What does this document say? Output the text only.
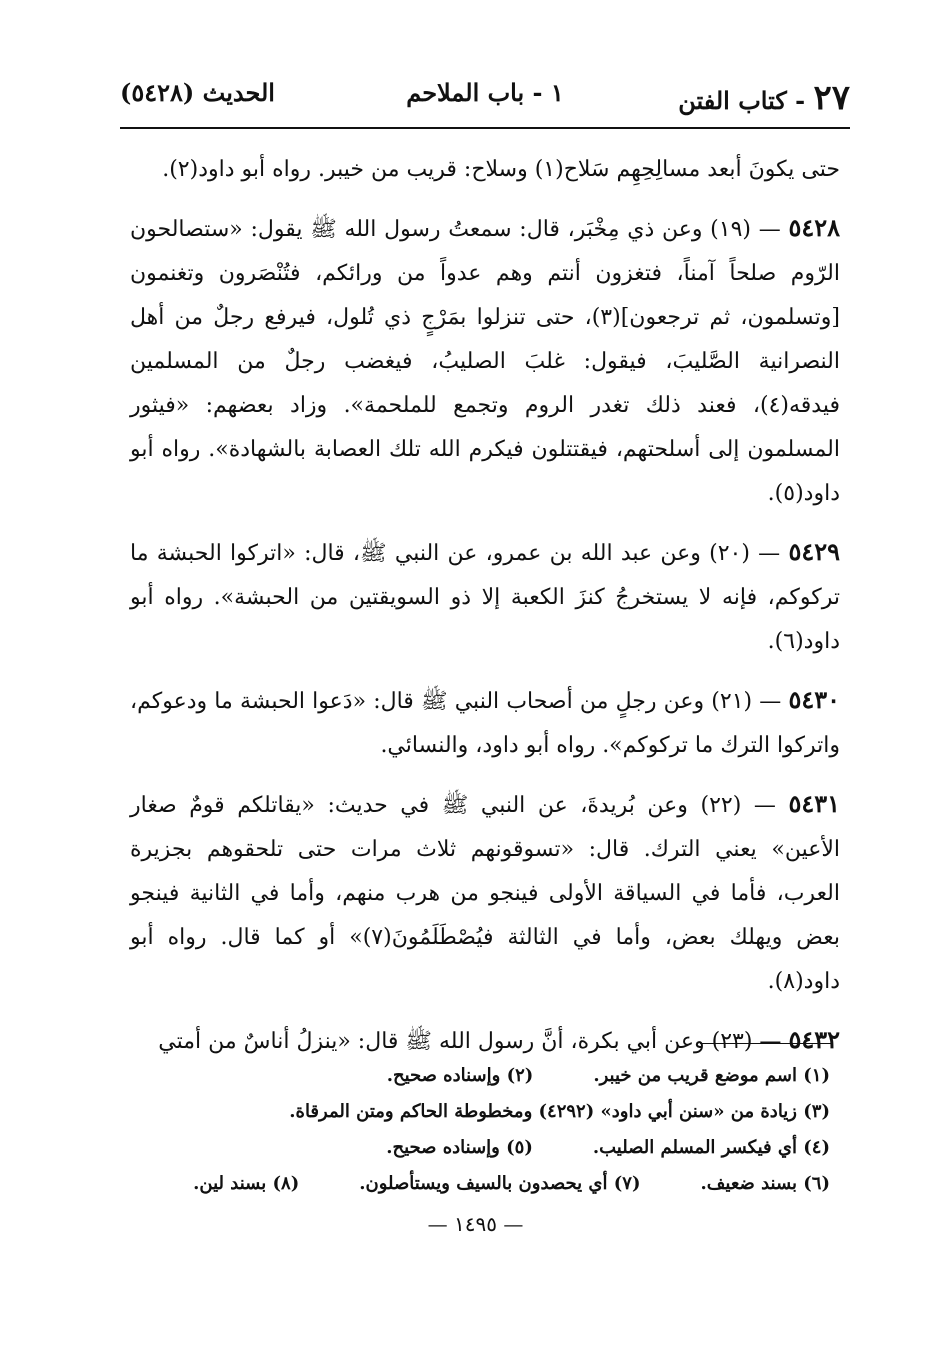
٢٧ - كتاب الفتن
١ - باب الملاحم
الحديث (٥٤٢٨)

حتى يكونَ أبعد مسالِحِهِم سَلاح(١) وسلاح: قريب من خيبر. رواه أبو داود(٢).

٥٤٢٨ — (١٩) وعن ذي مِخْبَر، قال: سمعتُ رسول الله ﷺ يقول: «ستصالحون الرّوم صلحاً آمناً، فتغزون أنتم وهم عدواً من ورائكم، فتُنْصَرون وتغنمون [وتسلمون، ثم ترجعون](٣)، حتى تنزلوا بمَرْجٍ ذي تُلول، فيرفع رجلٌ من أهل النصرانية الصَّليبَ، فيقول: غلبَ الصليبُ، فيغضب رجلٌ من المسلمين فيدقه(٤)، فعند ذلك تغدر الروم وتجمع للملحمة». وزاد بعضهم: «فيثور المسلمون إلى أسلحتهم، فيقتتلون فيكرم الله تلك العصابة بالشهادة». رواه أبو داود(٥).

٥٤٢٩ — (٢٠) وعن عبد الله بن عمرو، عن النبي ﷺ، قال: «اتركوا الحبشة ما تركوكم، فإنه لا يستخرجُ كنزَ الكعبة إلا ذو السويقتين من الحبشة». رواه أبو داود(٦).

٥٤٣٠ — (٢١) وعن رجلٍ من أصحاب النبي ﷺ قال: «دَعوا الحبشة ما ودعوكم، واتركوا الترك ما تركوكم». رواه أبو داود، والنسائي.

٥٤٣١ — (٢٢) وعن بُريدةَ، عن النبي ﷺ في حديث: «يقاتلكم قومٌ صغار الأعين» يعني الترك. قال: «تسوقونهم ثلاث مرات حتى تلحقوهم بجزيرة العرب، فأما في السياقة الأولى فينجو من هرب منهم، وأما في الثانية فينجو بعض ويهلك بعض، وأما في الثالثة فيُصْطَلَمُونَ(٧)» أو كما قال. رواه أبو داود(٨).

٥٤٣٢ — (٢٣) وعن أبي بكرة، أنَّ رسول الله ﷺ قال: «ينزلُ أناسٌ من أمتي

(١) اسم موضع قريب من خيبر.
(٢) وإسناده صحيح.
(٣) زيادة من «سنن أبي داود» (٤٢٩٢) ومخطوطة الحاكم ومتن المرقاة.
(٤) أي فيكسر المسلم الصليب.
(٥) وإسناده صحيح.
(٦) بسند ضعيف.
(٧) أي يحصدون بالسيف ويستأصلون.
(٨) بسند لين.
— ١٤٩٥ —
